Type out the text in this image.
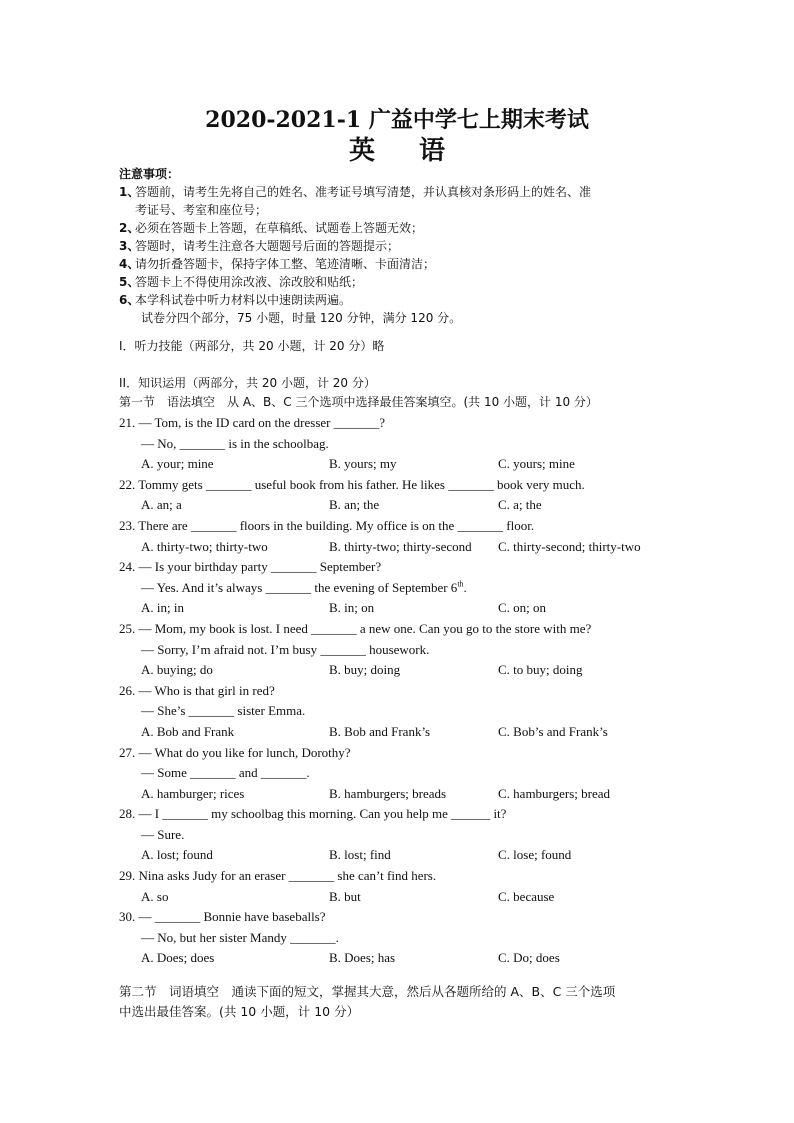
2020-2021-1 广益中学七上期末考试
英语
注意事项：
1、
答题前，请考生先将自己的姓名、准考证号填写清楚，并认真核对条形码上的姓名、准
考证号、考室和座位号；
2、
必须在答题卡上答题，在草稿纸、试题卷上答题无效；
3、
答题时，请考生注意各大题题号后面的答题提示；
4、
请勿折叠答题卡，保持字体工整、笔迹清晰、卡面清洁；
5、
答题卡上不得使用涂改液、涂改胶和贴纸；
6、
本学科试卷中听力材料以中速朗读两遍。
试卷分四个部分，75 小题，时量 120 分钟，满分 120 分。
I．听力技能（两部分，共 20 小题，计 20 分）略
II．知识运用（两部分，共 20 小题，计 20 分）
第一节　语法填空　从 A、B、C 三个选项中选择最佳答案填空。(共 10 小题，计 10 分）
21. — Tom, is the ID card on the dresser _______?
— No, _______ is in the schoolbag.
A. your; mine	B. yours; my	C. yours; mine
22. Tommy gets _______ useful book from his father. He likes _______ book very much.
A. an; a	B. an; the	C. a; the
23. There are _______ floors in the building. My office is on the _______ floor.
A. thirty-two; thirty-two	B. thirty-two; thirty-second C. thirty-second; thirty-two
24. — Is your birthday party _______ September?
— Yes. And it’s always _______ the evening of September 6th.
A. in; in	B. in; on	C. on; on
25. — Mom, my book is lost. I need _______ a new one. Can you go to the store with me?
— Sorry, I’m afraid not. I’m busy _______ housework.
A. buying; do	B. buy; doing	C. to buy; doing
26. — Who is that girl in red?
— She’s _______ sister Emma.
A. Bob and Frank	B. Bob and Frank’s	C. Bob’s and Frank’s
27. — What do you like for lunch, Dorothy?
— Some _______ and _______.
A. hamburger; rices	B. hamburgers; breads	C. hamburgers; bread
28. — I _______ my schoolbag this morning. Can you help me ______ it?
— Sure.
A. lost; found	B. lost; find	C. lose; found
29. Nina asks Judy for an eraser _______ she can’t find hers.
A. so	B. but	C. because
30. — _______ Bonnie have baseballs?
— No, but her sister Mandy _______.
A. Does; does	B. Does; has	C. Do; does
第二节　词语填空　通读下面的短文，掌握其大意，然后从各题所给的 A、B、C 三个选项
中选出最佳答案。(共 10 小题，计 10 分）
